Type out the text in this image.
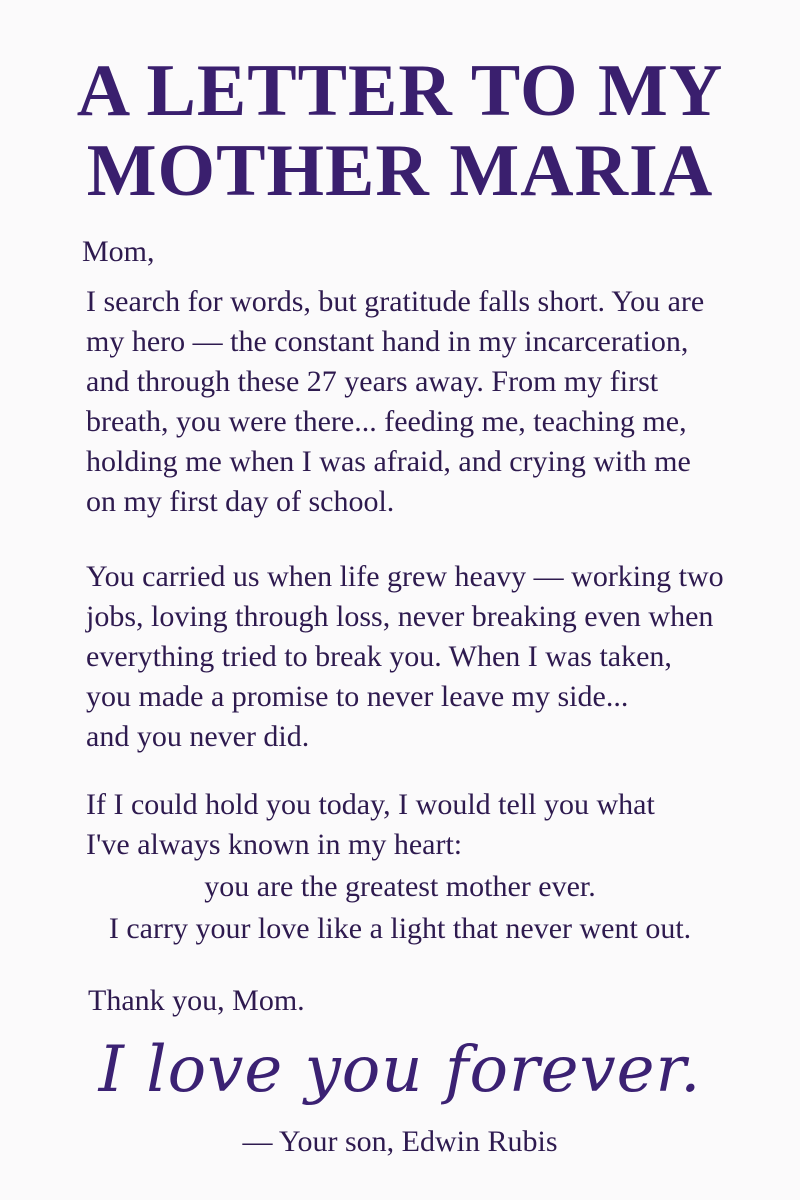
A LETTER TO MY
MOTHER MARIA

Mom,

I search for words, but gratitude falls short. You are

my hero — the constant hand in my incarceration,

and through these 27 years away. From my first

breath, you were there... feeding me, teaching me,

holding me when I was afraid, and crying with me

on my first day of school.

You carried us when life grew heavy — working two

jobs, loving through loss, never breaking even when

everything tried to break you. When I was taken,

you made a promise to never leave my side...

and you never did.

If I could hold you today, I would tell you what

I've always known in my heart:

you are the greatest mother ever.

I carry your love like a light that never went out.

Thank you, Mom.

I love you forever.
— Your son, Edwin Rubis
